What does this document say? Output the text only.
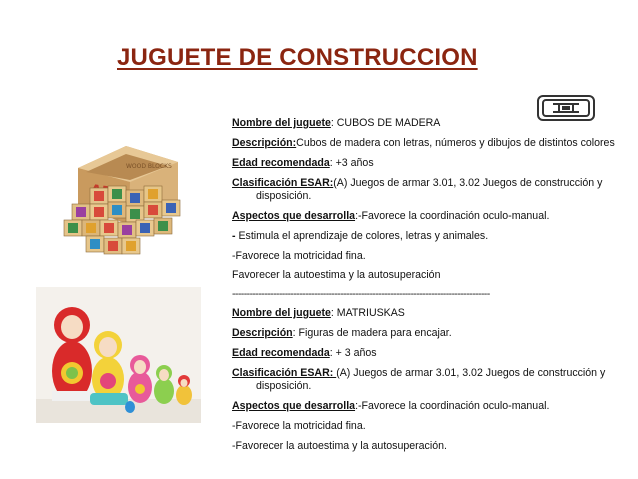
JUGUETE DE CONSTRUCCION
WOOD BLOCKS
Nombre del juguete: CUBOS DE MADERA
Descripción:Cubos de madera con letras, números y dibujos de distintos colores
Edad recomendada: +3 años
Clasificación ESAR:(A) Juegos de armar 3.01, 3.02 Juegos de construcción y
disposición.
Aspectos que desarrolla:-Favorece la coordinación oculo-manual.
- Estimula el aprendizaje de colores, letras y animales.
-Favorece la motricidad fina.
Favorecer la autoestima y la autosuperación
----------------------------------------------------------------------------------------
Nombre del juguete: MATRIUSKAS
Descripción: Figuras de madera para encajar.
Edad recomendada: + 3 años
Clasificación ESAR: (A) Juegos de armar 3.01, 3.02 Juegos de construcción y
disposición.
Aspectos que desarrolla:-Favorece la coordinación oculo-manual.
-Favorece la motricidad fina.
-Favorecer la autoestima y la autosuperación.
